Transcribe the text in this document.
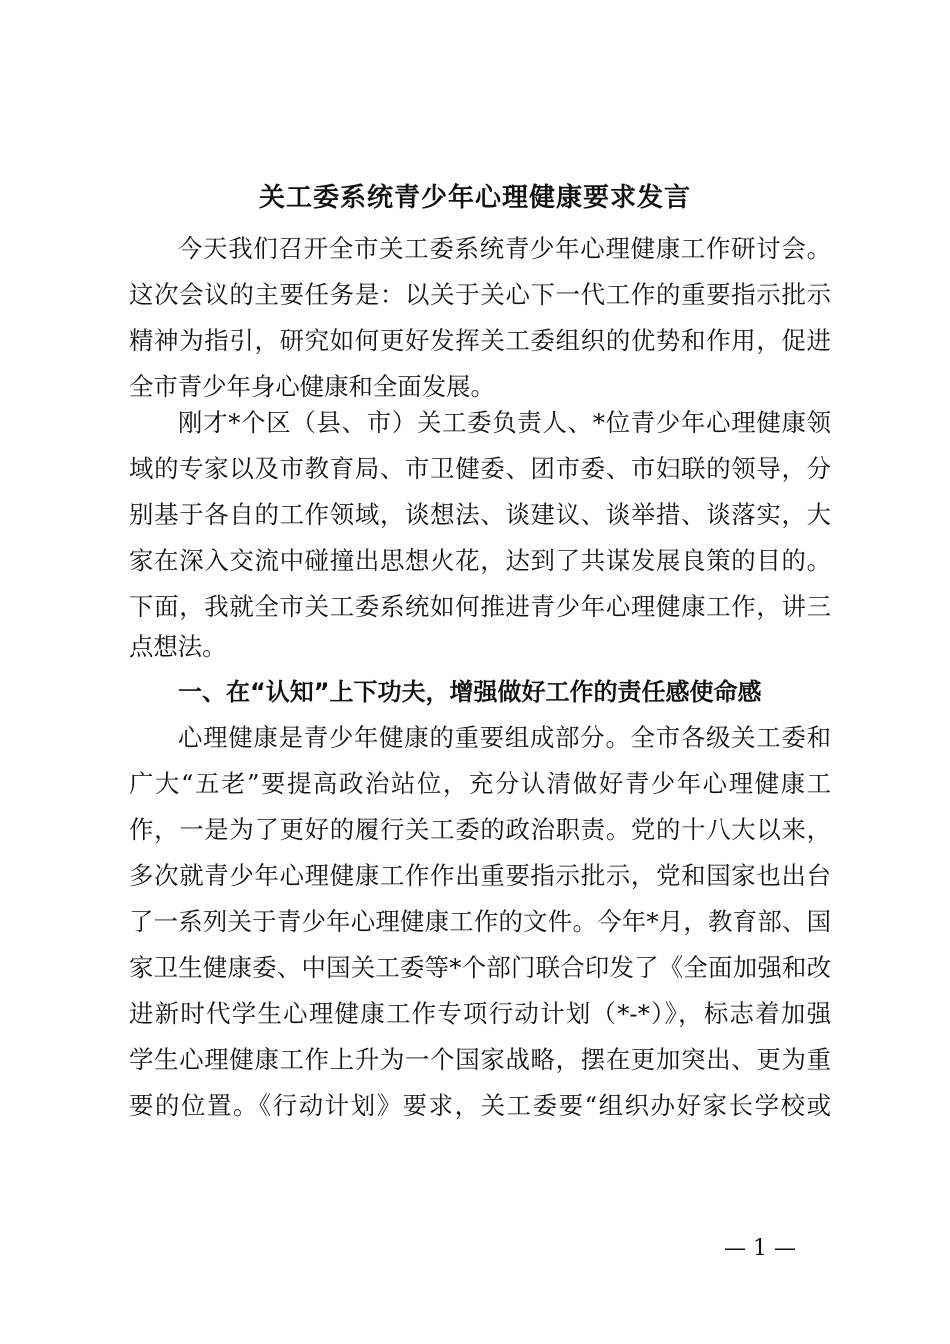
关工委系统青少年心理健康要求发言
今天我们召开全市关工委系统青少年心理健康工作研讨会。
这次会议的主要任务是：以关于关心下一代工作的重要指示批示
精神为指引，研究如何更好发挥关工委组织的优势和作用，促进
全市青少年身心健康和全面发展。
刚才*个区（县、市）关工委负责人、*位青少年心理健康领
域的专家以及市教育局、市卫健委、团市委、市妇联的领导，分
别基于各自的工作领域，谈想法、谈建议、谈举措、谈落实，大
家在深入交流中碰撞出思想火花，达到了共谋发展良策的目的。
下面，我就全市关工委系统如何推进青少年心理健康工作，讲三
点想法。
一、在“认知”上下功夫，增强做好工作的责任感使命感
心理健康是青少年健康的重要组成部分。全市各级关工委和
广大“五老”要提高政治站位，充分认清做好青少年心理健康工
作，一是为了更好的履行关工委的政治职责。党的十八大以来，
多次就青少年心理健康工作作出重要指示批示，党和国家也出台
了一系列关于青少年心理健康工作的文件。今年*月，教育部、国
家卫生健康委、中国关工委等*个部门联合印发了《全面加强和改
进新时代学生心理健康工作专项行动计划（*-*）》，标志着加强
学生心理健康工作上升为一个国家战略，摆在更加突出、更为重
要的位置。《行动计划》要求，关工委要“组织办好家长学校或
— 1 —
